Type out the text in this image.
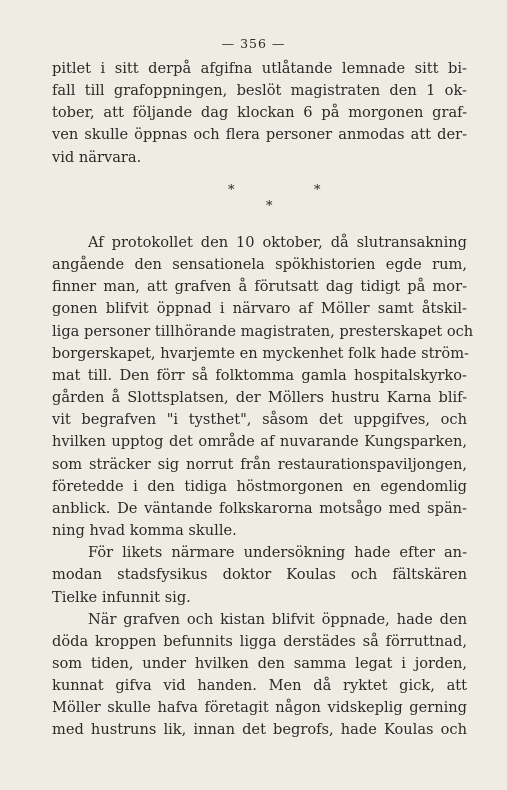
— 356 —
pitlet i sitt derpå afgifna utlåtande lemnade sitt bi-
fall till grafoppningen, beslöt magistraten den 1 ok-
tober, att följande dag klockan 6 på morgonen graf-
ven skulle öppnas och flera personer anmodas att der-
vid närvara.
*	*
*
Af protokollet den 10 oktober, då slutransakning
angående den sensationela spökhistorien egde rum,
finner man, att grafven å förutsatt dag tidigt på mor-
gonen blifvit öppnad i närvaro af Möller samt åtskil-
liga personer tillhörande magistraten, presterskapet och
borgerskapet, hvarjemte en myckenhet folk hade ström-
mat till. Den förr så folktomma gamla hospitalskyrko-
gården å Slottsplatsen, der Möllers hustru Karna blif-
vit begrafven "i tysthet", såsom det uppgifves, och
hvilken upptog det område af nuvarande Kungsparken,
som sträcker sig norrut från restaurationspaviljongen,
företedde i den tidiga höstmorgonen en egendomlig
anblick. De väntande folkskarorna motsågo med spän-
ning hvad komma skulle.
För likets närmare undersökning hade efter an-
modan stadsfysikus doktor Koulas och fältskären
Tielke infunnit sig.
När grafven och kistan blifvit öppnade, hade den
döda kroppen befunnits ligga derstädes så förruttnad,
som tiden, under hvilken den samma legat i jorden,
kunnat gifva vid handen. Men då ryktet gick, att
Möller skulle hafva företagit någon vidskeplig gerning
med hustruns lik, innan det begrofs, hade Koulas och
